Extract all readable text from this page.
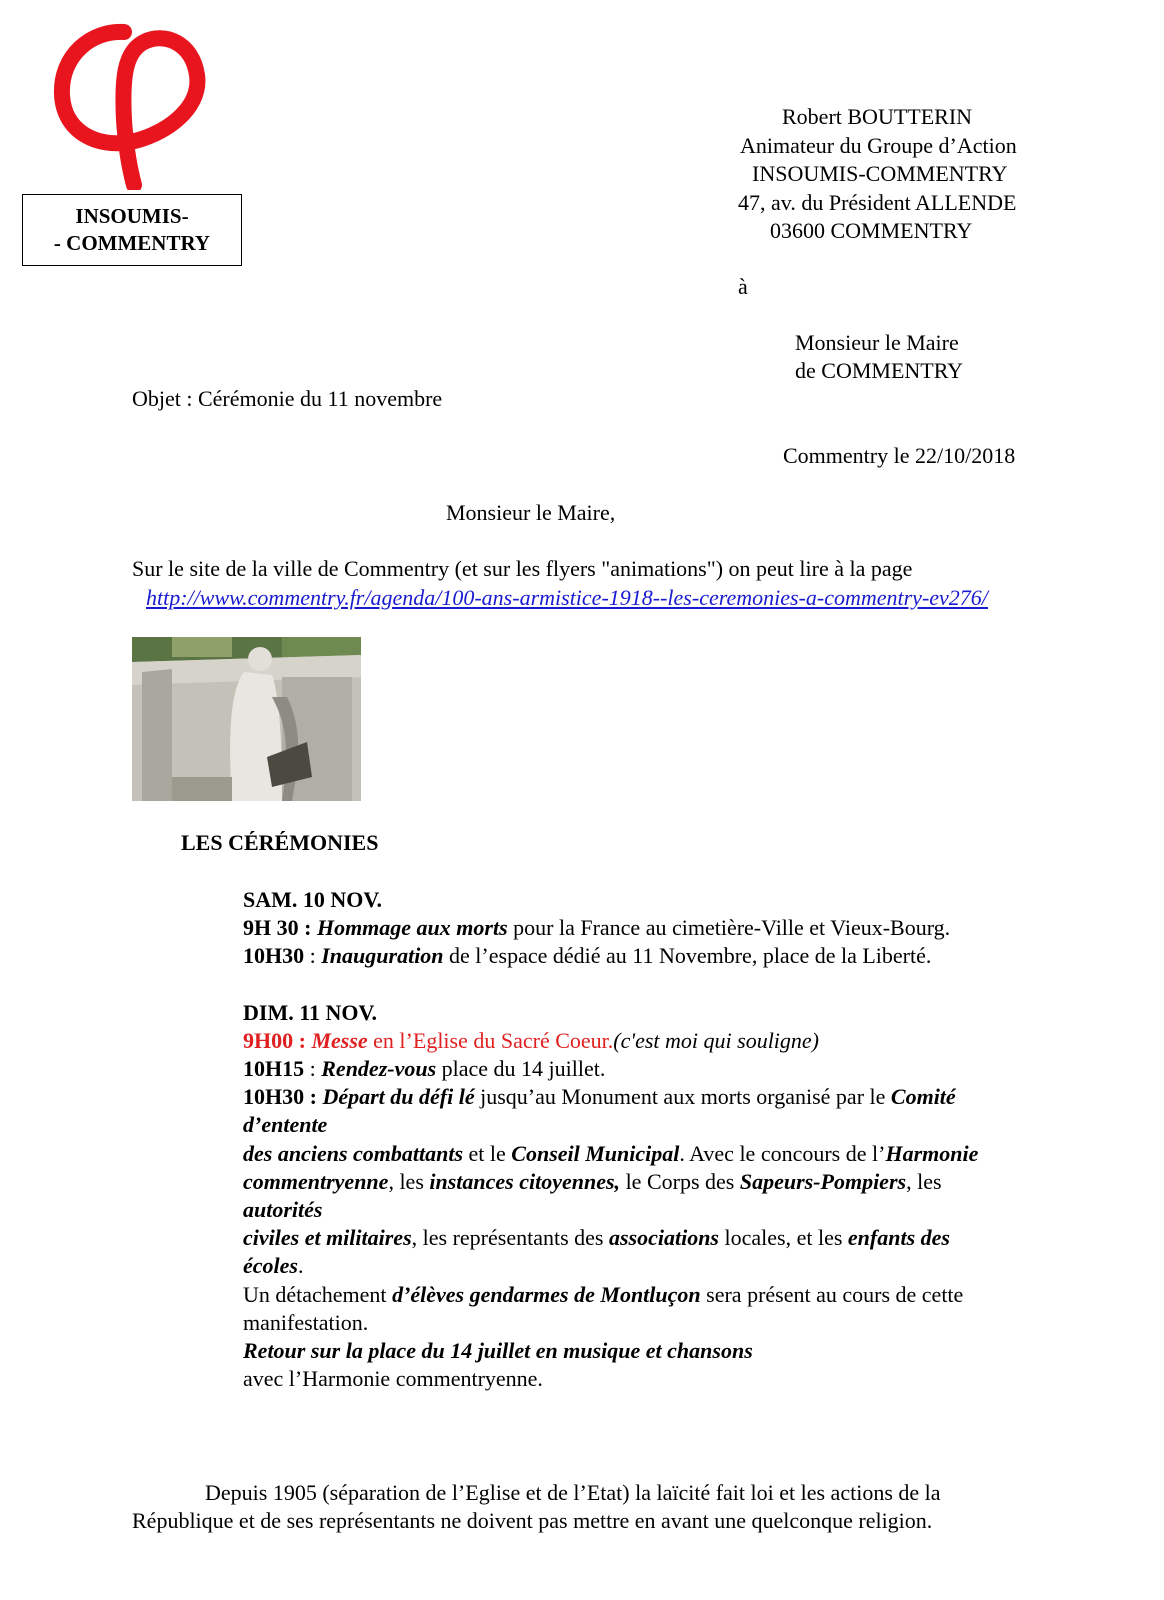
INSOUMIS-
- COMMENTRY
Robert BOUTTERIN
Animateur du Groupe d’Action
INSOUMIS-COMMENTRY
47, av. du Président ALLENDE
03600 COMMENTRY
à
Monsieur le Maire
de COMMENTRY
Objet : Cérémonie du 11 novembre
Commentry le 22/10/2018
Monsieur le Maire,
Sur le site de la ville de Commentry (et sur les flyers "animations") on peut lire à la page
http://www.commentry.fr/agenda/100-ans-armistice-1918--les-ceremonies-a-commentry-ev276/
LES CÉRÉMONIES
SAM. 10 NOV.
9H 30 : Hommage aux morts pour la France au cimetière-Ville et Vieux-Bourg.
10H30 : Inauguration de l’espace dédié au 11 Novembre, place de la Liberté.
DIM. 11 NOV.
9H00 : Messe en l’Eglise du Sacré Coeur.(c'est moi qui souligne)
10H15 : Rendez-vous place du 14 juillet.
10H30 : Départ du défi lé jusqu’au Monument aux morts organisé par le Comité
d’entente
des anciens combattants et le Conseil Municipal. Avec le concours de l’Harmonie
commentryenne, les instances citoyennes, le Corps des Sapeurs-Pompiers, les
autorités
civiles et militaires, les représentants des associations locales, et les enfants des
écoles.
Un détachement d’élèves gendarmes de Montluçon sera présent au cours de cette
manifestation.
Retour sur la place du 14 juillet en musique et chansons
avec l’Harmonie commentryenne.
Depuis 1905 (séparation de l’Eglise et de l’Etat) la laïcité fait loi et les actions de la
République et de ses représentants ne doivent pas mettre en avant une quelconque religion.
